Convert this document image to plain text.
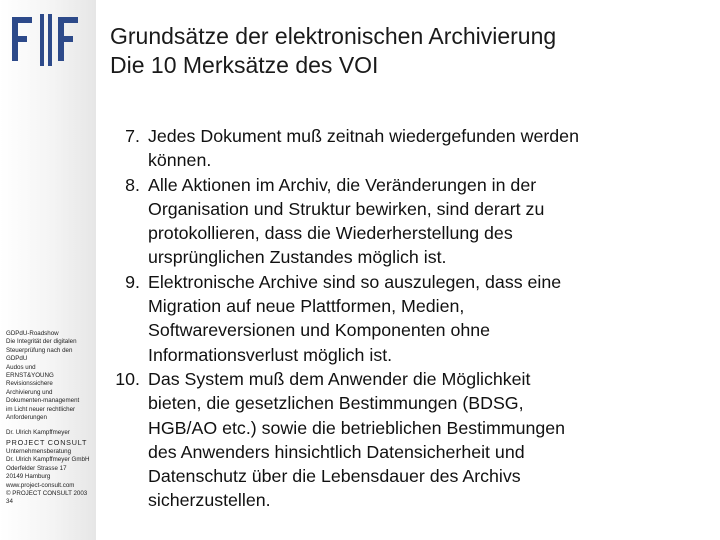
GDPdU-Roadshow
Die Integrität der digitalen
Steuerprüfung nach den
GDPdU
Audos und
ERNST&YOUNG
Revisionssichere
Archivierung und
Dokumenten-management
im Licht neuer rechtlicher
Anforderungen
Dr. Ulrich Kampffmeyer
PROJECT CONSULT
Unternehmensberatung
Dr. Ulrich Kampffmeyer GmbH
Oderfelder Strasse 17
20149 Hamburg
www.project-consult.com
© PROJECT CONSULT 2003
34
Grundsätze der elektronischen Archivierung
Die 10 Merksätze des VOI
7. Jedes Dokument muß zeitnah wiedergefunden werden
können.
8. Alle Aktionen im Archiv, die Veränderungen in der
Organisation und Struktur bewirken, sind derart zu
protokollieren, dass die Wiederherstellung des
ursprünglichen Zustandes möglich ist.
9. Elektronische Archive sind so auszulegen, dass eine
Migration auf neue Plattformen, Medien,
Softwareversionen und Komponenten ohne
Informationsverlust möglich ist.
10. Das System muß dem Anwender die Möglichkeit
bieten, die gesetzlichen Bestimmungen (BDSG,
HGB/AO etc.) sowie die betrieblichen Bestimmungen
des Anwenders hinsichtlich Datensicherheit und
Datenschutz über die Lebensdauer des Archivs
sicherzustellen.
